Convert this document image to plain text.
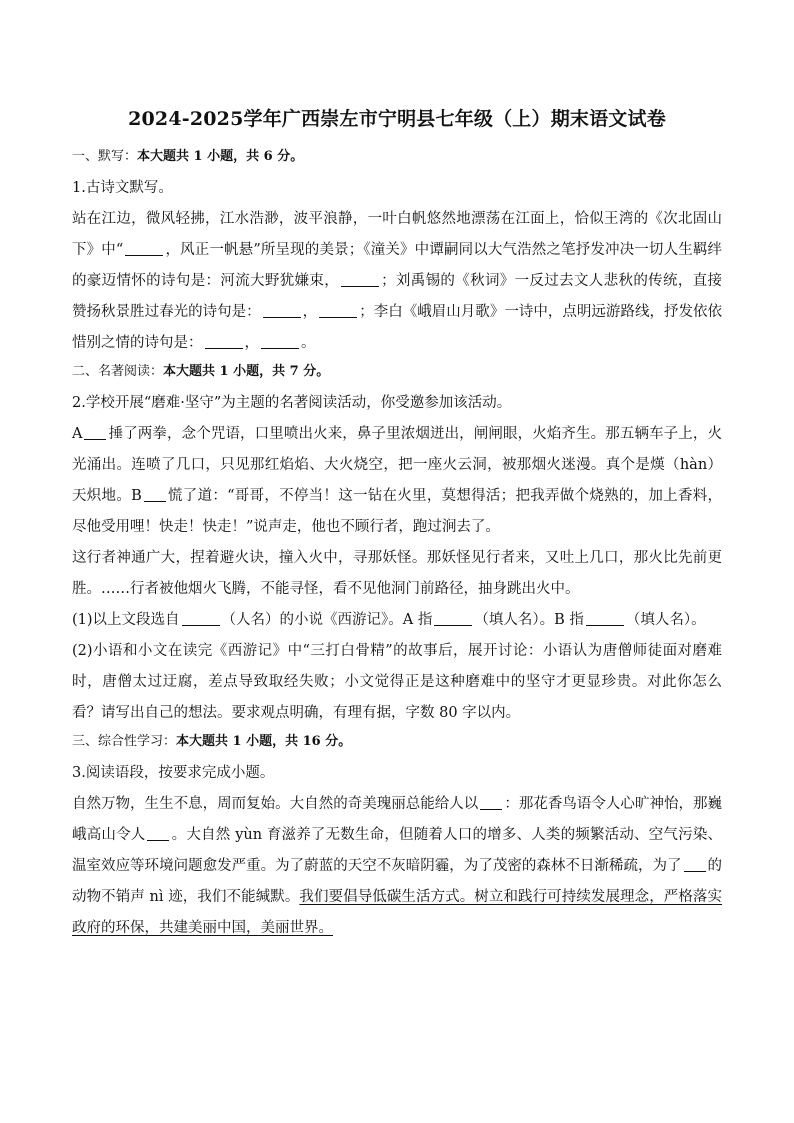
2024-2025学年广西崇左市宁明县七年级（上）期末语文试卷

一、默写：本大题共 1 小题，共 6 分。

1.古诗文默写。

站在江边，微风轻拂，江水浩渺，波平浪静，一叶白帆悠然地漂荡在江面上，恰似王湾的《次北固山下》中“	，风正一帆悬”所呈现的美景；《潼关》中谭嗣同以大气浩然之笔抒发冲决一切人生羁绊的豪迈情怀的诗句是：河流大野犹嫌束，	；刘禹锡的《秋词》一反过去文人悲秋的传统，直接赞扬秋景胜过春光的诗句是：	，	；李白《峨眉山月歌》一诗中，点明远游路线，抒发依依惜别之情的诗句是：	，	。

二、名著阅读：本大题共 1 小题，共 7 分。

2.学校开展“磨难·坚守”为主题的名著阅读活动，你受邀参加该活动。

A 捶了两拳，念个咒语，口里喷出火来，鼻子里浓烟迸出，闸闸眼，火焰齐生。那五辆车子上，火光涌出。连喷了几口，只见那红焰焰、大火烧空，把一座火云洞，被那烟火迷漫。真个是熯（hàn）天炽地。B 慌了道：“哥哥，不停当！这一钻在火里，莫想得活；把我弄做个烧熟的，加上香料，尽他受用哩！快走！快走！”说声走，他也不顾行者，跑过涧去了。

这行者神通广大，捏着避火诀，撞入火中，寻那妖怪。那妖怪见行者来，又吐上几口，那火比先前更胜。……行者被他烟火飞腾，不能寻怪，看不见他洞门前路径，抽身跳出火中。

(1)以上文段选自	（人名）的小说《西游记》。A 指	（填人名）。B 指	（填人名）。

(2)小语和小文在读完《西游记》中“三打白骨精”的故事后，展开讨论：小语认为唐僧师徒面对磨难时，唐僧太过迂腐，差点导致取经失败；小文觉得正是这种磨难中的坚守才更显珍贵。对此你怎么看？请写出自己的想法。要求观点明确，有理有据，字数 80 字以内。

三、综合性学习：本大题共 1 小题，共 16 分。

3.阅读语段，按要求完成小题。

自然万物，生生不息，周而复始。大自然的奇美瑰丽总能给人以 ：那花香鸟语令人心旷神怡，那巍峨高山令人 。大自然 yùn 育滋养了无数生命，但随着人口的增多、人类的频繁活动、空气污染、温室效应等环境问题愈发严重。为了蔚蓝的天空不灰暗阴霾，为了茂密的森林不日渐稀疏，为了 的动物不销声 nì 迹，我们不能缄默。我们要倡导低碳生活方式。树立和践行可持续发展理念，严格落实政府的环保，共建美丽中国，美丽世界。
